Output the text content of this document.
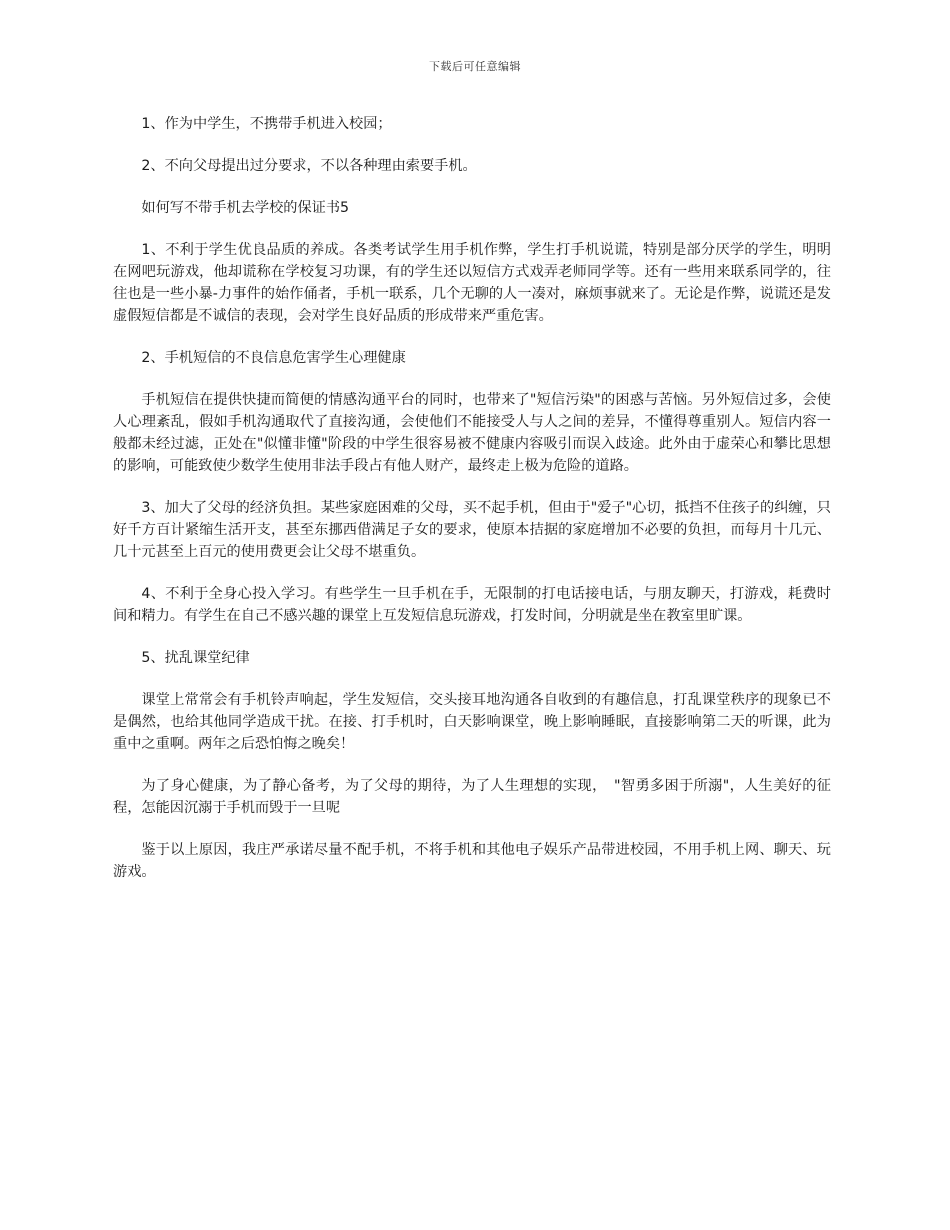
下载后可任意编辑

1、作为中学生，不携带手机进入校园；

2、不向父母提出过分要求，不以各种理由索要手机。

如何写不带手机去学校的保证书5

1、不利于学生优良品质的养成。各类考试学生用手机作弊，学生打手机说谎，特别是部分厌学的学生，明明在网吧玩游戏，他却谎称在学校复习功课，有的学生还以短信方式戏弄老师同学等。还有一些用来联系同学的，往往也是一些小暴-力事件的始作俑者，手机一联系，几个无聊的人一凑对，麻烦事就来了。无论是作弊，说谎还是发虚假短信都是不诚信的表现，会对学生良好品质的形成带来严重危害。

2、手机短信的不良信息危害学生心理健康

手机短信在提供快捷而简便的情感沟通平台的同时，也带来了"短信污染"的困惑与苦恼。另外短信过多，会使人心理紊乱，假如手机沟通取代了直接沟通，会使他们不能接受人与人之间的差异，不懂得尊重别人。短信内容一般都未经过滤，正处在"似懂非懂"阶段的中学生很容易被不健康内容吸引而误入歧途。此外由于虚荣心和攀比思想的影响，可能致使少数学生使用非法手段占有他人财产，最终走上极为危险的道路。

3、加大了父母的经济负担。某些家庭困难的父母，买不起手机，但由于"爱子"心切，抵挡不住孩子的纠缠，只好千方百计紧缩生活开支，甚至东挪西借满足子女的要求，使原本拮据的家庭增加不必要的负担，而每月十几元、几十元甚至上百元的使用费更会让父母不堪重负。

4、不利于全身心投入学习。有些学生一旦手机在手，无限制的打电话接电话，与朋友聊天，打游戏，耗费时间和精力。有学生在自己不感兴趣的课堂上互发短信息玩游戏，打发时间，分明就是坐在教室里旷课。

5、扰乱课堂纪律

课堂上常常会有手机铃声响起，学生发短信，交头接耳地沟通各自收到的有趣信息，打乱课堂秩序的现象已不是偶然，也给其他同学造成干扰。在接、打手机时，白天影响课堂，晚上影响睡眠，直接影响第二天的听课，此为重中之重啊。两年之后恐怕悔之晚矣！

为了身心健康，为了静心备考，为了父母的期待，为了人生理想的实现，　"智勇多困于所溺"，人生美好的征程，怎能因沉溺于手机而毁于一旦呢

鉴于以上原因，我庄严承诺尽量不配手机，不将手机和其他电子娱乐产品带进校园，不用手机上网、聊天、玩游戏。
